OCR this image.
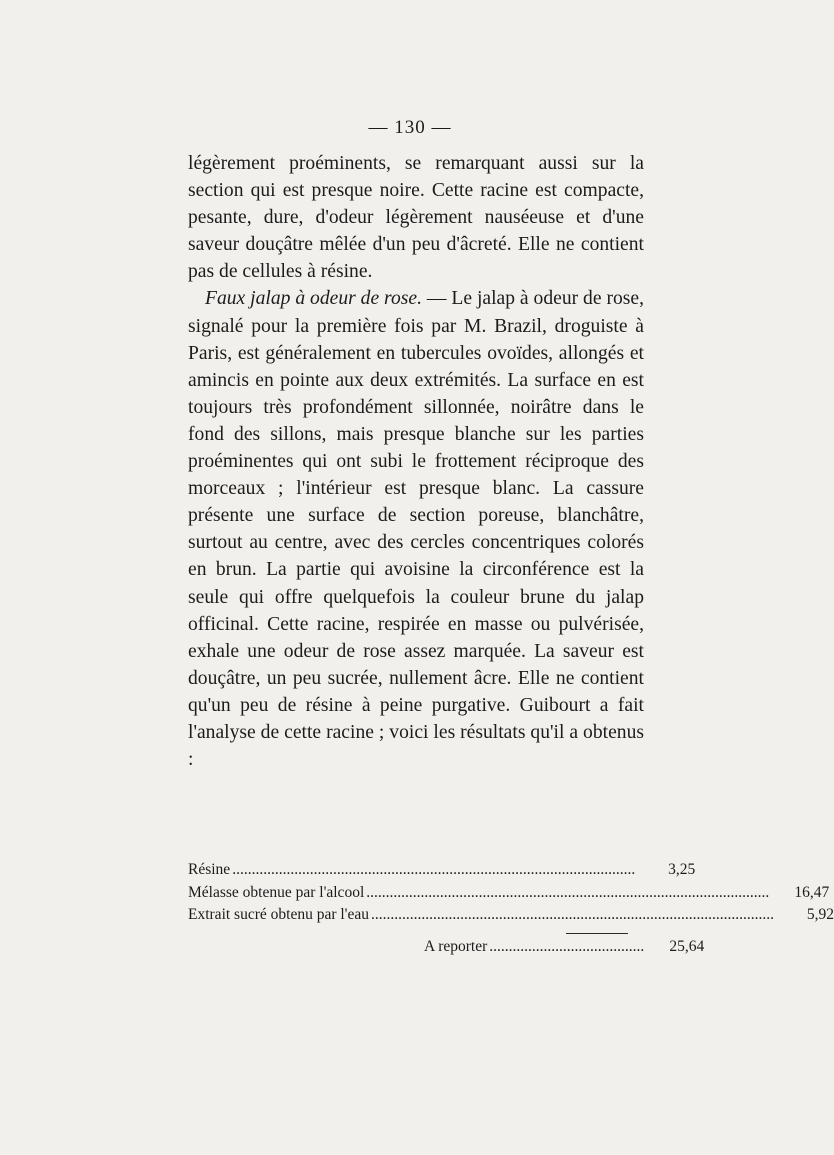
— 130 —

légèrement proéminents, se remarquant aussi sur la section qui est presque noire. Cette racine est compacte, pesante, dure, d'odeur légèrement nauséeuse et d'une saveur douçâtre mêlée d'un peu d'âcreté. Elle ne contient pas de cellules à résine.

Faux jalap à odeur de rose. — Le jalap à odeur de rose, signalé pour la première fois par M. Brazil, droguiste à Paris, est généralement en tubercules ovoïdes, allongés et amincis en pointe aux deux extrémités. La surface en est toujours très profondément sillonnée, noirâtre dans le fond des sillons, mais presque blanche sur les parties proéminentes qui ont subi le frottement réciproque des morceaux ; l'intérieur est presque blanc. La cassure présente une surface de section poreuse, blanchâtre, surtout au centre, avec des cercles concentriques colorés en brun. La partie qui avoisine la circonférence est la seule qui offre quelquefois la couleur brune du jalap officinal. Cette racine, respirée en masse ou pulvérisée, exhale une odeur de rose assez marquée. La saveur est douçâtre, un peu sucrée, nullement âcre. Elle ne contient qu'un peu de résine à peine purgative. Guibourt a fait l'analyse de cette racine ; voici les résultats qu'il a obtenus :

Résine ........................................................................................................	3,25
Mélasse obtenue par l'alcool ........................................................................................................	16,47
Extrait sucré obtenu par l'eau ........................................................................................................	5,92
A reporter ........................................	25,64
